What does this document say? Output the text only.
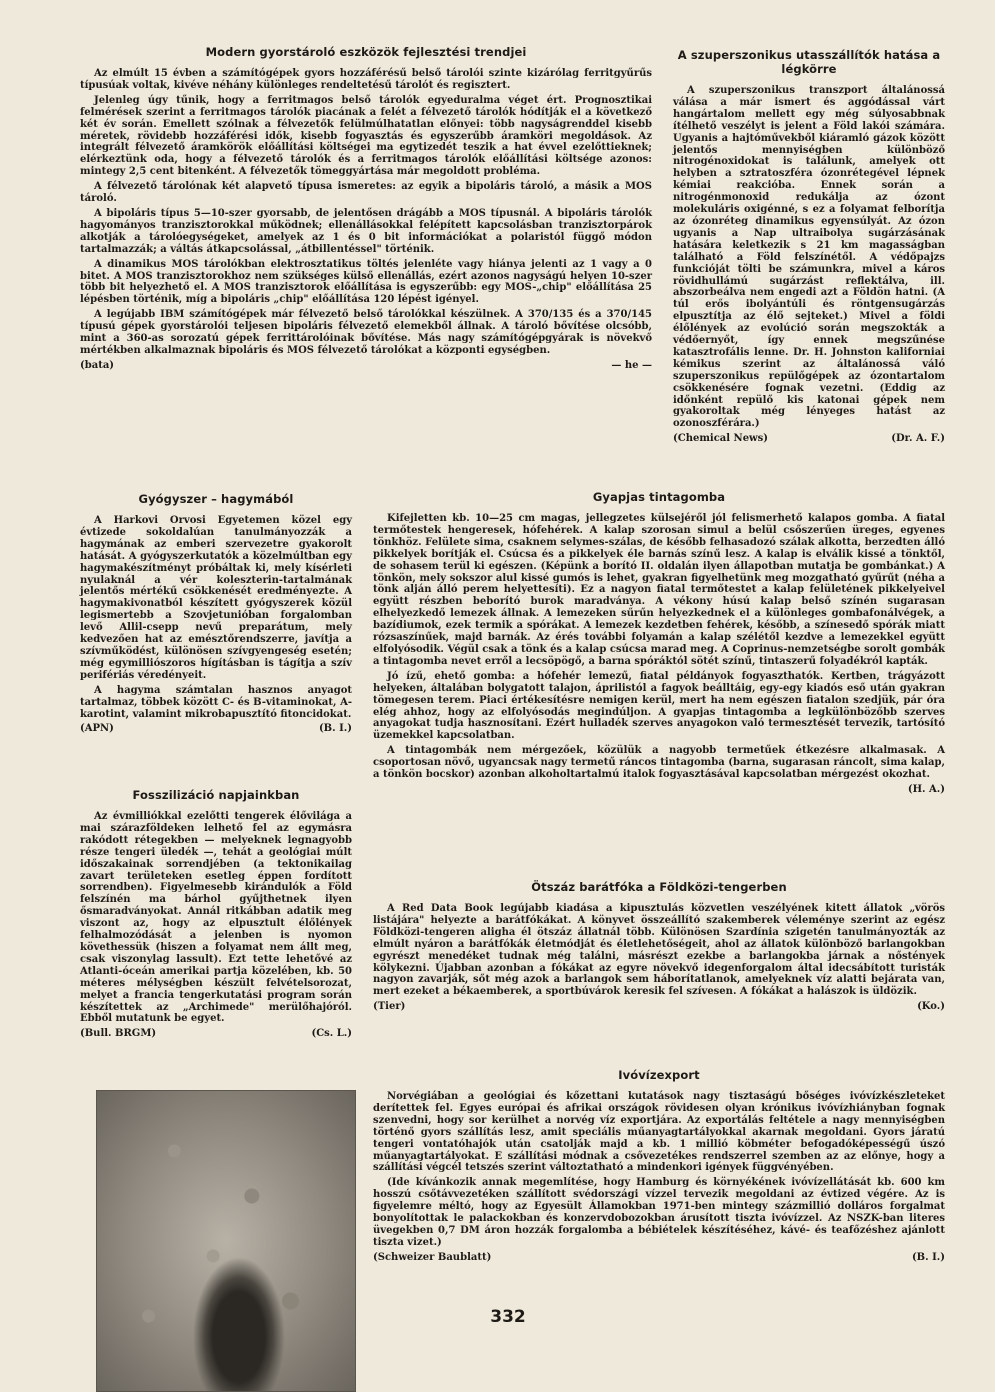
Modern gyorstároló eszközök fejlesztési trendjei

Az elmúlt 15 évben a számítógépek gyors hozzáférésű belső tárolói szinte kizárólag ferritgyűrűs típusúak voltak, kivéve néhány különleges rendeltetésű tárolót és regisztert.

Jelenleg úgy tűnik, hogy a ferritmagos belső tárolók egyeduralma véget ért. Prognosztikai felmérések szerint a ferritmagos tárolók piacának a felét a félvezető tárolók hódítják el a következő két év során. Emellett szólnak a félvezetők felülmúlhatatlan előnyei: több nagyságrenddel kisebb méretek, rövidebb hozzáférési idők, kisebb fogyasztás és egyszerűbb áramköri megoldások. Az integrált félvezető áramkörök előállítási költségei ma egytizedét teszik a hat évvel ezelőttieknek; elérkeztünk oda, hogy a félvezető tárolók és a ferritmagos tárolók előállítási költsége azonos: mintegy 2,5 cent bitenként. A félvezetők tömeggyártása már megoldott probléma.

A félvezető tárolónak két alapvető típusa ismeretes: az egyik a bipoláris tároló, a másik a MOS tároló.

A bipoláris típus 5—10-szer gyorsabb, de jelentősen drágább a MOS típusnál. A bipoláris tárolók hagyományos tranzisztorokkal működnek; ellenállásokkal felépített kapcsolásban tranzisztorpárok alkotják a tárolóegységeket, amelyek az 1 és 0 bit információkat a polaristól függő módon tartalmazzák; a váltás átkapcsolással, „átbillentéssel" történik.

A dinamikus MOS tárolókban elektrosztatikus töltés jelenléte vagy hiánya jelenti az 1 vagy a 0 bitet. A MOS tranzisztorokhoz nem szükséges külső ellenállás, ezért azonos nagyságú helyen 10-szer több bit helyezhető el. A MOS tranzisztorok előállítása is egyszerűbb: egy MOS-„chip" előállítása 25 lépésben történik, míg a bipoláris „chip" előállítása 120 lépést igényel.

A legújabb IBM számítógépek már félvezető belső tárolókkal készülnek. A 370/135 és a 370/145 típusú gépek gyorstárolói teljesen bipoláris félvezető elemekből állnak. A tároló bővítése olcsóbb, mint a 360-as sorozatú gépek ferrittárolóinak bővítése. Más nagy számítógépgyárak is növekvő mértékben alkalmaznak bipoláris és MOS félvezető tárolókat a központi egységben.

(bata)	— he —
A szuperszonikus utasszállítók hatása a légkörre

A szuperszonikus transzport általánossá válása a már ismert és aggódással várt hangártalom mellett egy még súlyosabbnak ítélhető veszélyt is jelent a Föld lakói számára. Ugyanis a hajtóművekből kiáramló gázok között jelentős mennyiségben különböző nitrogénoxidokat is találunk, amelyek ott helyben a sztratoszféra ózonrétegével lépnek kémiai reakcióba. Ennek során a nitrogénmonoxid redukálja az ózont molekuláris oxigénné, s ez a folyamat felborítja az ózonréteg dinamikus egyensúlyát. Az ózon ugyanis a Nap ultraibolya sugárzásának hatására keletkezik s 21 km magasságban található a Föld felszínétől. A védőpajzs funkcióját tölti be számunkra, mivel a káros rövidhullámú sugárzást reflektálva, ill. abszorbeálva nem engedi azt a Földön hatni. (A túl erős ibolyántúli és röntgensugárzás elpusztítja az élő sejteket.) Mivel a földi élőlények az evolúció során megszokták a védőernyőt, így ennek megszűnése katasztrofális lenne. Dr. H. Johnston kaliforniai kémikus szerint az általánossá váló szuperszonikus repülőgépek az ózontartalom csökkenésére fognak vezetni. (Eddig az időnként repülő kis katonai gépek nem gyakoroltak még lényeges hatást az ozonoszférára.)

(Chemical News)	(Dr. A. F.)
Gyógyszer – hagymából

A Harkovi Orvosi Egyetemen közel egy évtizede sokoldalúan tanulmányozzák a hagymának az emberi szervezetre gyakorolt hatását. A gyógyszerkutatók a közelmúltban egy hagymakészítményt próbáltak ki, mely kísérleti nyulaknál a vér koleszterin-tartalmának jelentős mértékű csökkenését eredményezte. A hagymakivonatból készített gyógyszerek közül legismertebb a Szovjetunióban forgalomban levő Allil-csepp nevű preparátum, mely kedvezően hat az emésztőrendszerre, javítja a szívműködést, különösen szívgyengeség esetén; még egymilliószoros hígításban is tágítja a szív perifériás véredényeit.

A hagyma számtalan hasznos anyagot tartalmaz, többek között C- és B-vitaminokat, A-karotint, valamint mikrobapusztító fitoncidokat.

(APN)	(B. I.)
Gyapjas tintagomba

Kifejletten kb. 10—25 cm magas, jellegzetes külsejéről jól felismerhető kalapos gomba. A fiatal termőtestek hengeresek, hófehérek. A kalap szorosan simul a belül csőszerűen üreges, egyenes tönkhöz. Felülete sima, csaknem selymes-szálas, de később felhasadozó szálak alkotta, berzedten álló pikkelyek borítják el. Csúcsa és a pikkelyek éle barnás színű lesz. A kalap is elválik kissé a tönktől, de sohasem terül ki egészen. (Képünk a borító II. oldalán ilyen állapotban mutatja be gombánkat.) A tönkön, mely sokszor alul kissé gumós is lehet, gyakran figyelhetünk meg mozgatható gyűrűt (néha a tönk alján álló perem helyettesíti). Ez a nagyon fiatal termőtestet a kalap felületének pikkelyeivel együtt részben beborító burok maradványa. A vékony húsú kalap belső színén sugarasan elhelyezkedő lemezek állnak. A lemezeken sűrűn helyezkednek el a különleges gombafonálvégek, a bazídiumok, ezek termik a spórákat. A lemezek kezdetben fehérek, később, a színesedő spórák miatt rózsaszínűek, majd barnák. Az érés további folyamán a kalap szélétől kezdve a lemezekkel együtt elfolyósodik. Végül csak a tönk és a kalap csúcsa marad meg. A Coprinus-nemzetségbe sorolt gombák a tintagomba nevet erről a lecsöpögő, a barna spóráktól sötét színű, tintaszerű folyadékról kapták.

Jó ízű, ehető gomba: a hófehér lemezű, fiatal példányok fogyaszthatók. Kertben, trágyázott helyeken, általában bolygatott talajon, áprilistól a fagyok beálltáig, egy-egy kiadós eső után gyakran tömegesen terem. Piaci értékesítésre nemigen kerül, mert ha nem egészen fiatalon szedjük, pár óra elég ahhoz, hogy az elfolyósodás megindúljon. A gyapjas tintagomba a legkülönbözőbb szerves anyagokat tudja hasznosítani. Ezért hulladék szerves anyagokon való termesztését tervezik, tartósító üzemekkel kapcsolatban.

A tintagombák nem mérgezőek, közülük a nagyobb termetűek étkezésre alkalmasak. A csoportosan növő, ugyancsak nagy termetű ráncos tintagomba (barna, sugarasan ráncolt, sima kalap, a tönkön bocskor) azonban alkoholtartalmú italok fogyasztásával kapcsolatban mérgezést okozhat.

(H. A.)
Fosszilizáció napjainkban

Az évmilliókkal ezelőtti tengerek élővilága a mai szárazföldeken lelhető fel az egymásra rakódott rétegekben — melyeknek legnagyobb része tengeri üledék —, tehát a geológiai múlt időszakainak sorrendjében (a tektonikailag zavart területeken esetleg éppen fordított sorrendben). Figyelmesebb kirándulók a Föld felszínén ma bárhol gyűjthetnek ilyen ősmaradványokat. Annál ritkábban adatik meg viszont az, hogy az elpusztult élőlények felhalmozódását a jelenben is nyomon követhessük (hiszen a folyamat nem állt meg, csak viszonylag lassult). Ezt tette lehetővé az Atlanti-óceán amerikai partja közelében, kb. 50 méteres mélységben készült felvételsorozat, melyet a francia tengerkutatási program során készítettek az „Archimede" merülőhajóról. Ebből mutatunk be egyet.

(Bull. BRGM)	(Cs. L.)
Ötszáz barátfóka a Földközi-tengerben

A Red Data Book legújabb kiadása a kipusztulás közvetlen veszélyének kitett állatok „vörös listájára" helyezte a barátfókákat. A könyvet összeállító szakemberek véleménye szerint az egész Földközi-tengeren aligha él ötszáz állatnál több. Különösen Szardínia szigetén tanulmányozták az elmúlt nyáron a barátfókák életmódját és életlehetőségeit, ahol az állatok különböző barlangokban egyrészt menedéket tudnak még találni, másrészt ezekbe a barlangokba járnak a nőstények kölykezni. Újabban azonban a fókákat az egyre növekvő idegenforgalom által idecsábított turisták nagyon zavarják, sőt még azok a barlangok sem háborítatlanok, amelyeknek víz alatti bejárata van, mert ezeket a békaemberek, a sportbúvárok keresik fel szívesen. A fókákat a halászok is üldözik.

(Tier)	(Ko.)
Ivóvízexport

Norvégiában a geológiai és kőzettani kutatások nagy tisztaságú bőséges ivóvízkészleteket derítettek fel. Egyes európai és afrikai országok rövidesen olyan krónikus ivóvízhiányban fognak szenvedni, hogy sor kerülhet a norvég víz exportjára. Az exportálás feltétele a nagy mennyiségben történő gyors szállítás lesz, amit speciális műanyagtartályokkal akarnak megoldani. Gyors járatú tengeri vontatóhajók után csatolják majd a kb. 1 millió köbméter befogadóképességű úszó műanyagtartályokat. E szállítási módnak a csővezetékes rendszerrel szemben az az előnye, hogy a szállítási végcél tetszés szerint változtatható a mindenkori igények függvényében.

(Ide kívánkozik annak megemlítése, hogy Hamburg és környékének ivóvízellátását kb. 600 km hosszú csőtávvezetéken szállított svédországi vízzel tervezik megoldani az évtized végére. Az is figyelemre méltó, hogy az Egyesült Államokban 1971-ben mintegy százmillió dolláros forgalmat bonyolítottak le palackokban és konzervdobozokban árusított tiszta ivóvízzel. Az NSZK-ban literes üvegekben 0,7 DM áron hozzák forgalomba a bébiételek készítéséhez, kávé- és teafőzéshez ajánlott tiszta vizet.)

(Schweizer Baublatt)	(B. I.)
332
